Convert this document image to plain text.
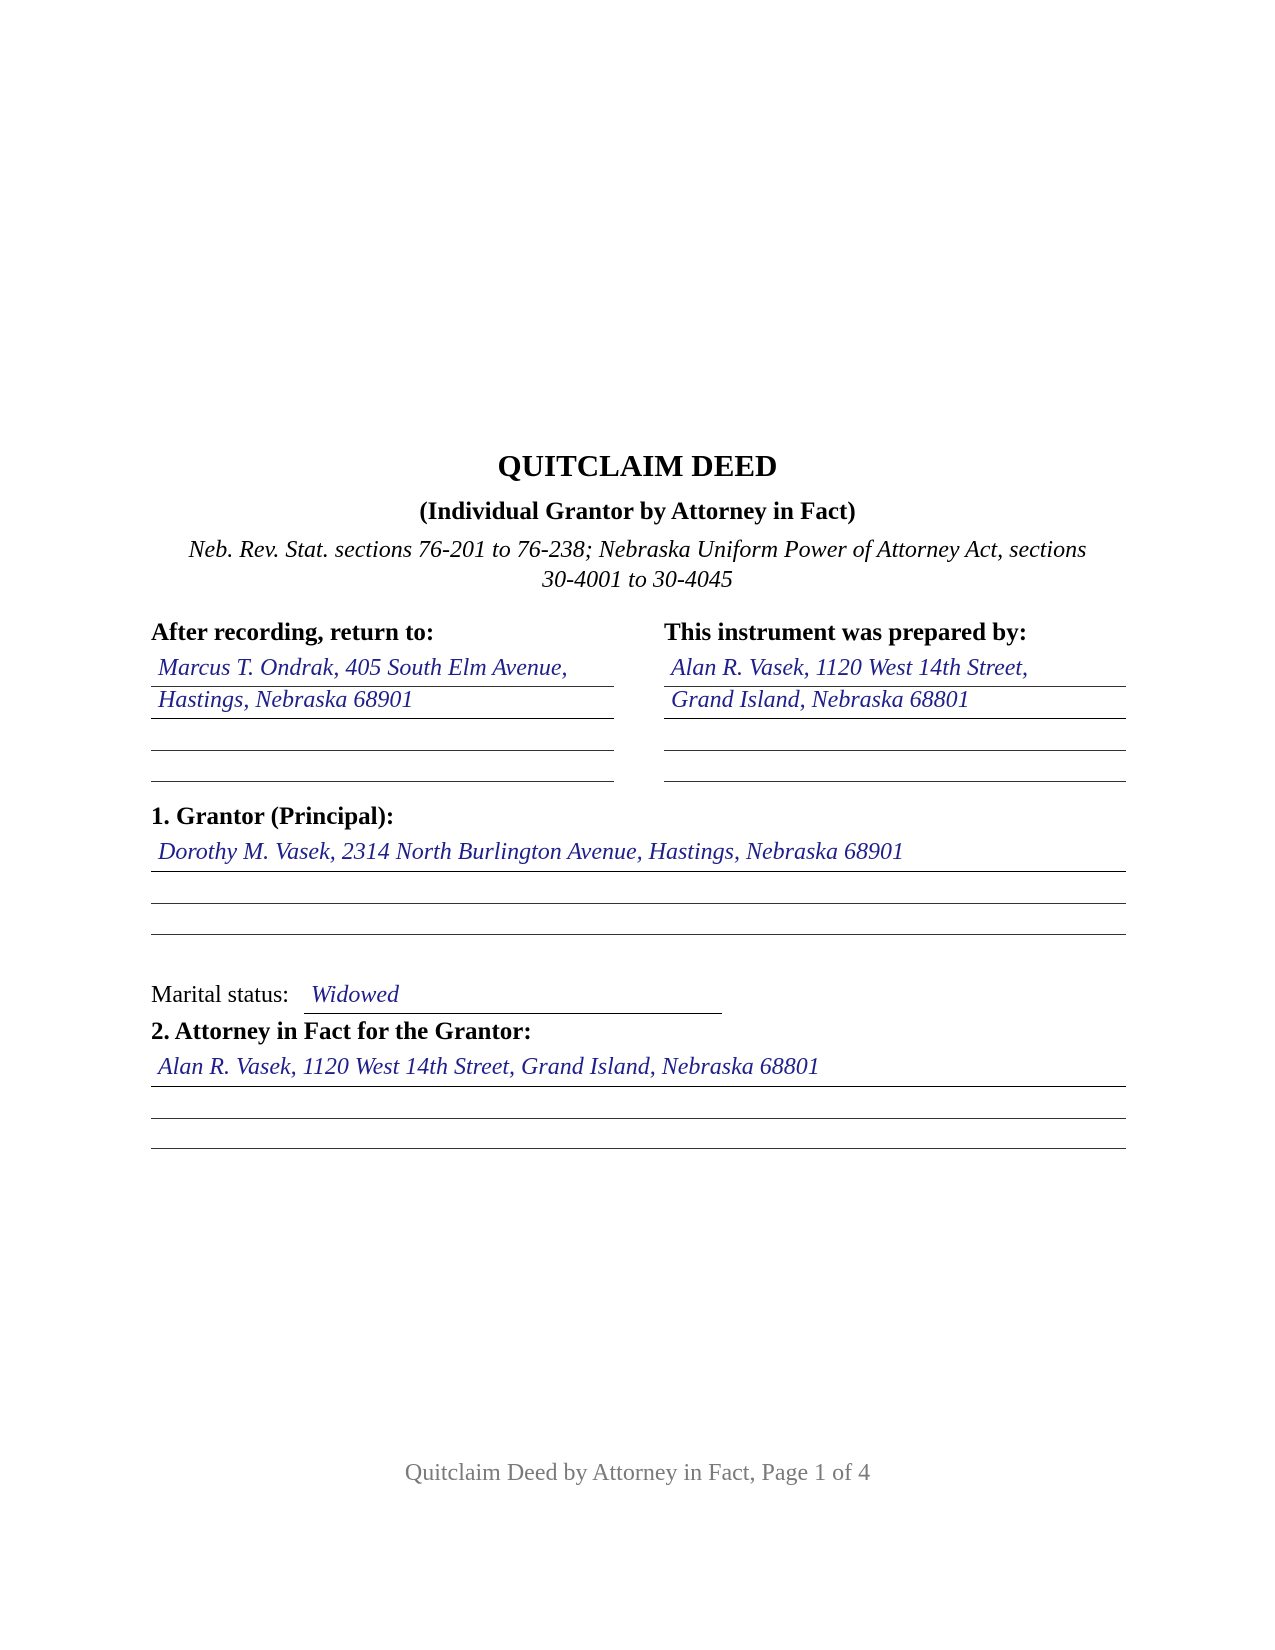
QUITCLAIM DEED
(Individual Grantor by Attorney in Fact)
Neb. Rev. Stat. sections 76-201 to 76-238; Nebraska Uniform Power of Attorney Act, sections
30-4001 to 30-4045
After recording, return to:
Marcus T. Ondrak, 405 South Elm Avenue,
Hastings, Nebraska 68901
This instrument was prepared by:
Alan R. Vasek, 1120 West 14th Street,
Grand Island, Nebraska 68801
1. Grantor (Principal):
Dorothy M. Vasek, 2314 North Burlington Avenue, Hastings, Nebraska 68901
Marital status: Widowed
2. Attorney in Fact for the Grantor:
Alan R. Vasek, 1120 West 14th Street, Grand Island, Nebraska 68801
Quitclaim Deed by Attorney in Fact, Page 1 of 4
